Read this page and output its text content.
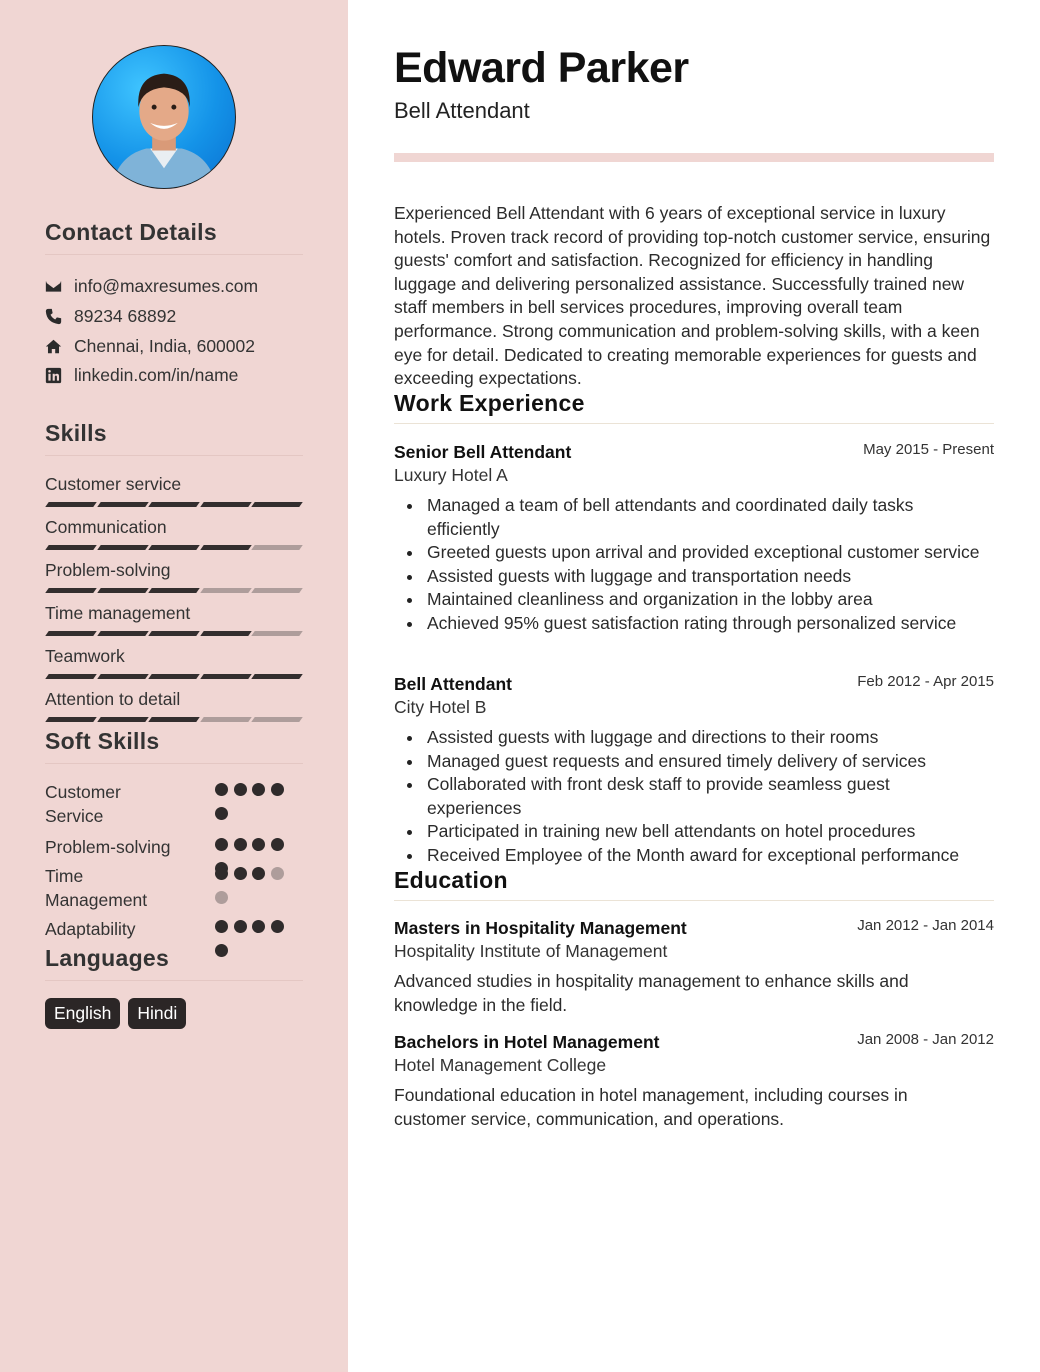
Contact Details
info@maxresumes.com
89234 68892
Chennai, India, 600002
linkedin.com/in/name
Skills
Customer service
Communication
Problem-solving
Time management
Teamwork
Attention to detail
Soft Skills
Customer Service
Problem-solving
Time Management
Adaptability
Languages
English	Hindi
Edward Parker
Bell Attendant

Experienced Bell Attendant with 6 years of exceptional service in luxury hotels. Proven track record of providing top-notch customer service, ensuring guests' comfort and satisfaction. Recognized for efficiency in handling luggage and delivering personalized assistance. Successfully trained new staff members in bell services procedures, improving overall team performance. Strong communication and problem-solving skills, with a keen eye for detail. Dedicated to creating memorable experiences for guests and exceeding expectations.

Work Experience
Senior Bell Attendant	May 2015 - Present
Luxury Hotel A
Managed a team of bell attendants and coordinated daily tasks efficiently
Greeted guests upon arrival and provided exceptional customer service
Assisted guests with luggage and transportation needs
Maintained cleanliness and organization in the lobby area
Achieved 95% guest satisfaction rating through personalized service
Bell Attendant	Feb 2012 - Apr 2015
City Hotel B
Assisted guests with luggage and directions to their rooms
Managed guest requests and ensured timely delivery of services
Collaborated with front desk staff to provide seamless guest experiences
Participated in training new bell attendants on hotel procedures
Received Employee of the Month award for exceptional performance
Education
Masters in Hospitality Management	Jan 2012 - Jan 2014
Hospitality Institute of Management

Advanced studies in hospitality management to enhance skills and knowledge in the field.

Bachelors in Hotel Management	Jan 2008 - Jan 2012
Hotel Management College

Foundational education in hotel management, including courses in customer service, communication, and operations.
